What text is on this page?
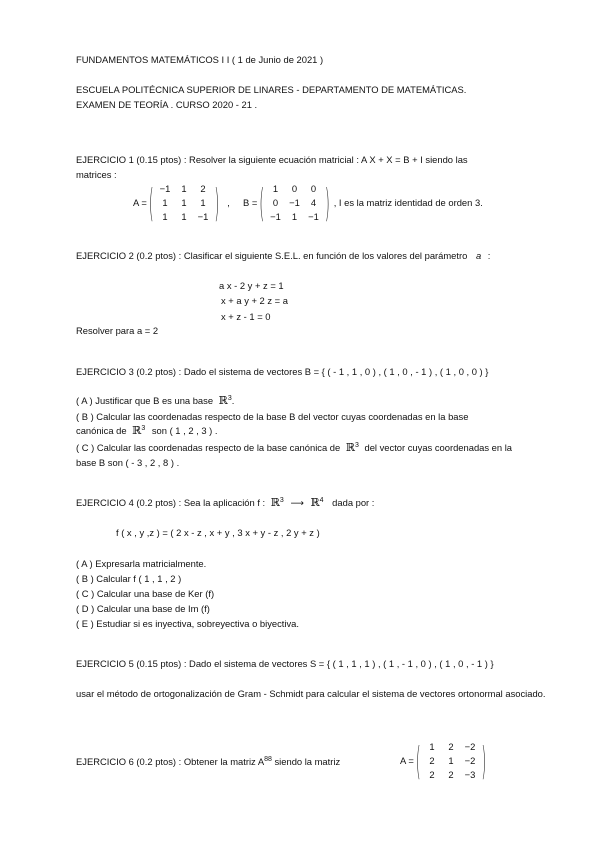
FUNDAMENTOS MATEMÁTICOS I I ( 1 de Junio de 2021 )
ESCUELA POLITÉCNICA SUPERIOR DE LINARES - DEPARTAMENTO DE MATEMÁTICAS.
EXAMEN DE TEORÍA . CURSO 2020 - 21 .
EJERCICIO 1 (0.15 ptos) : Resolver la siguiente ecuación matricial : A X + X = B + I siendo las
matrices :
A = ( −1	1	2
1	1	1
1	1	−1 ) , B = ( 1	0	0
0	−1	4
−1	1	−1 ) , I es la matriz identidad de orden 3.
EJERCICIO 2 (0.2 ptos) : Clasificar el siguiente S.E.L. en función de los valores del parámetro a :
a x - 2 y + z = 1
x + a y + 2 z = a
x + z - 1 = 0
Resolver para a = 2
EJERCICIO 3 (0.2 ptos) : Dado el sistema de vectores B = { ( - 1 , 1 , 0 ) , ( 1 , 0 , - 1 ) , ( 1 , 0 , 0 ) }
( A ) Justificar que B es una base ℝ$^3$.
( B ) Calcular las coordenadas respecto de la base B del vector cuyas coordenadas en la base
canónica de ℝ$^3$ son ( 1 , 2 , 3 ) .
( C ) Calcular las coordenadas respecto de la base canónica de ℝ$^3$ del vector cuyas coordenadas en la
base B son ( - 3 , 2 , 8 ) .
EJERCICIO 4 (0.2 ptos) : Sea la aplicación f : ℝ$^3$ ⟶ ℝ$^4$ dada por :
f ( x , y ,z ) = ( 2 x - z , x + y , 3 x + y - z , 2 y + z )
( A ) Expresarla matricialmente.
( B ) Calcular f ( 1 , 1 , 2 )
( C ) Calcular una base de Ker (f)
( D ) Calcular una base de Im (f)
( E ) Estudiar si es inyectiva, sobreyectiva o biyectiva.
EJERCICIO 5 (0.15 ptos) : Dado el sistema de vectores S = { ( 1 , 1 , 1 ) , ( 1 , - 1 , 0 ) , ( 1 , 0 , - 1 ) }
usar el método de ortogonalización de Gram - Schmidt para calcular el sistema de vectores ortonormal asociado.
EJERCICIO 6 (0.2 ptos) : Obtener la matriz $A^{88}$ siendo la matriz	A = ( 1	2	−2
2	1	−2
2	2	−3 )
